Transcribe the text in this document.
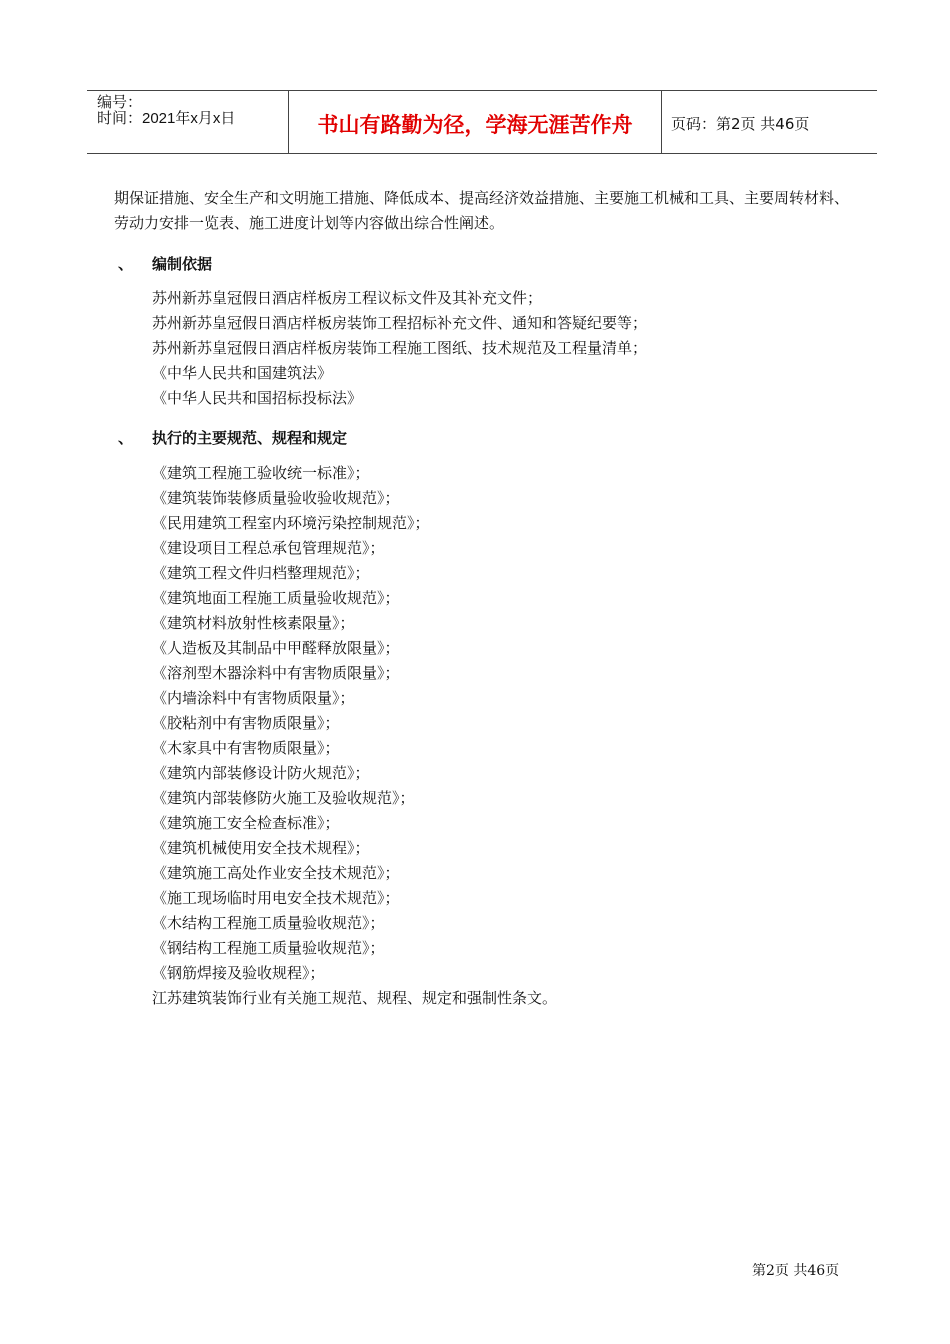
编号：
时间：2021年x月x日	书山有路勤为径，学海无涯苦作舟	页码：第2页 共46页
期保证措施、安全生产和文明施工措施、降低成本、提高经济效益措施、主要施工机械和工具、主要周转材料、劳动力安排一览表、施工进度计划等内容做出综合性阐述。
、 编制依据
苏州新苏皇冠假日酒店样板房工程议标文件及其补充文件；
苏州新苏皇冠假日酒店样板房装饰工程招标补充文件、通知和答疑纪要等；
苏州新苏皇冠假日酒店样板房装饰工程施工图纸、技术规范及工程量清单；
《中华人民共和国建筑法》
《中华人民共和国招标投标法》
、 执行的主要规范、规程和规定
《建筑工程施工验收统一标准》；
《建筑装饰装修质量验收验收规范》；
《民用建筑工程室内环境污染控制规范》；
《建设项目工程总承包管理规范》；
《建筑工程文件归档整理规范》；
《建筑地面工程施工质量验收规范》；
《建筑材料放射性核素限量》；
《人造板及其制品中甲醛释放限量》；
《溶剂型木器涂料中有害物质限量》；
《内墙涂料中有害物质限量》；
《胶粘剂中有害物质限量》；
《木家具中有害物质限量》；
《建筑内部装修设计防火规范》；
《建筑内部装修防火施工及验收规范》；
《建筑施工安全检查标准》；
《建筑机械使用安全技术规程》；
《建筑施工高处作业安全技术规范》；
《施工现场临时用电安全技术规范》；
《木结构工程施工质量验收规范》；
《钢结构工程施工质量验收规范》；
《钢筋焊接及验收规程》；
江苏建筑装饰行业有关施工规范、规程、规定和强制性条文。
第2页 共46页
